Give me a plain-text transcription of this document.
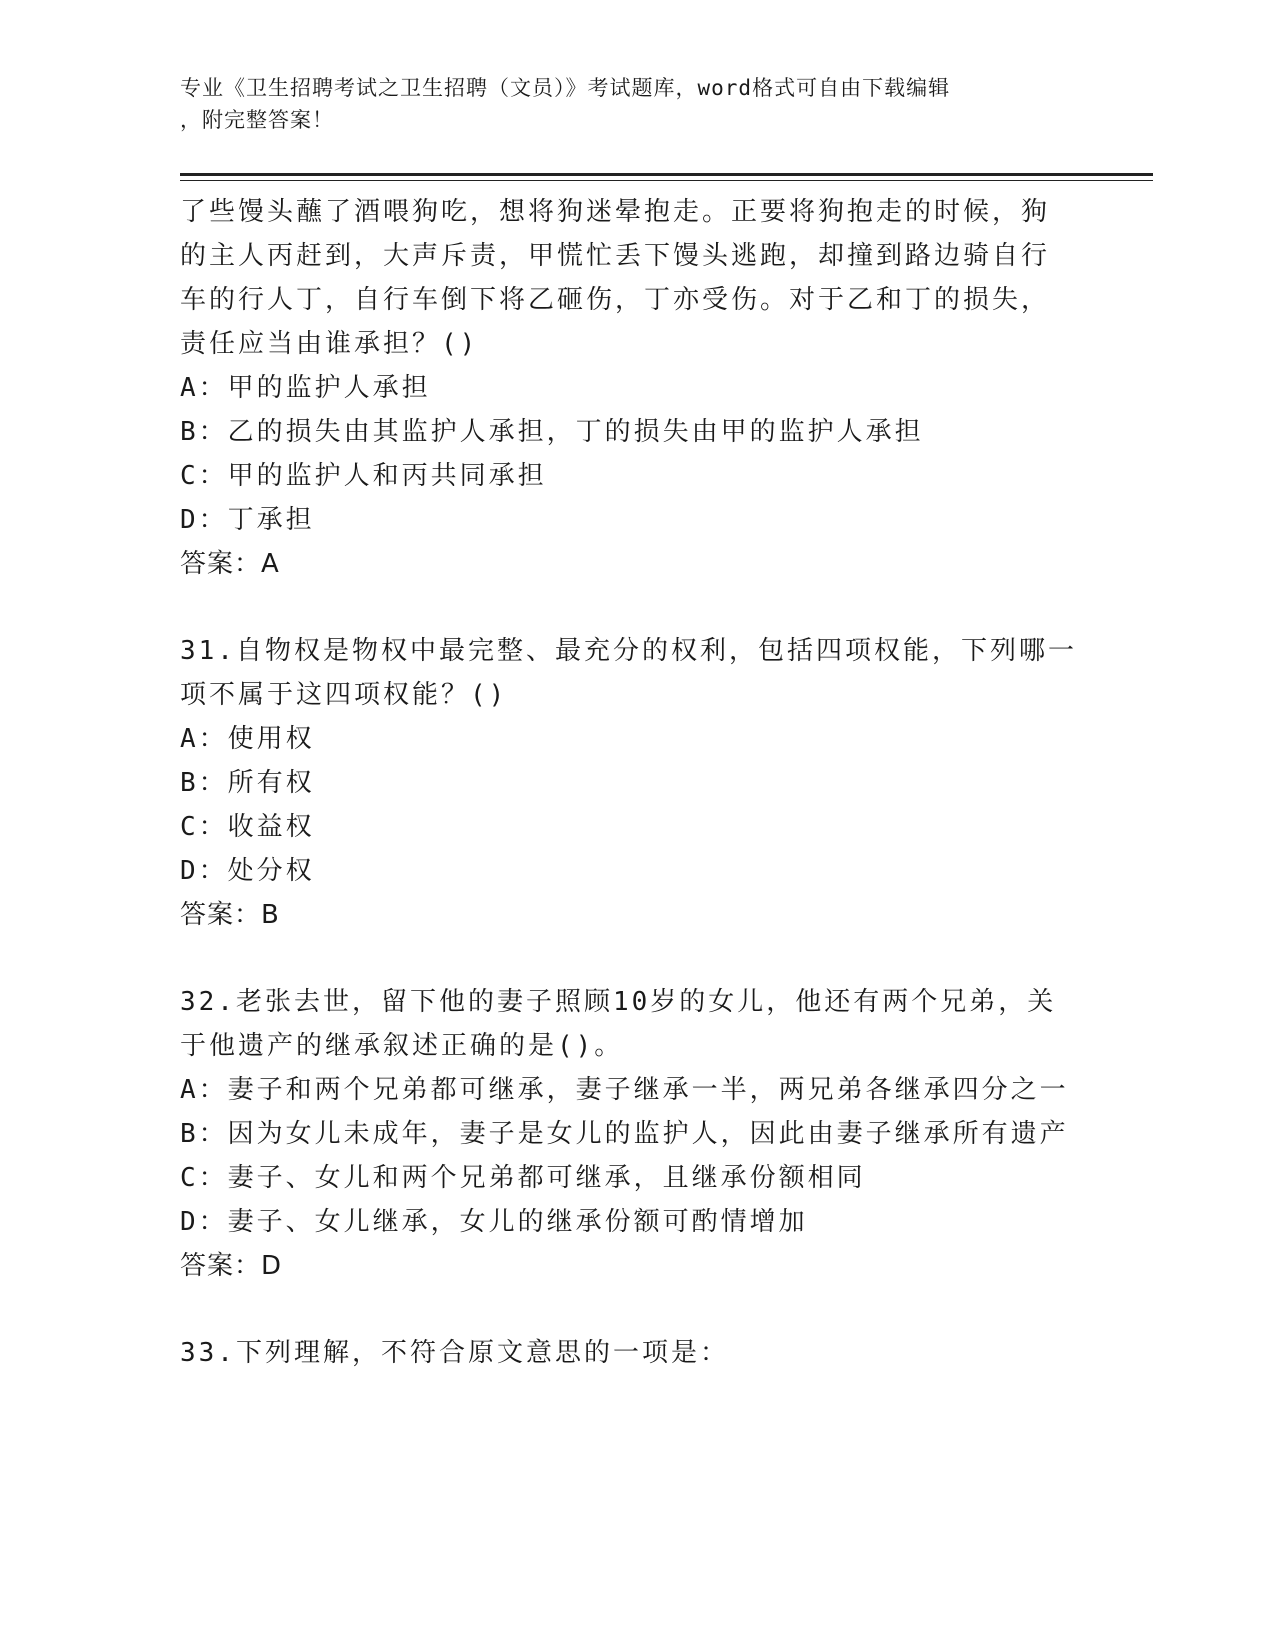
专业《卫生招聘考试之卫生招聘（文员）》考试题库，word格式可自由下载编辑
，附完整答案！
了些馒头蘸了酒喂狗吃，想将狗迷晕抱走。正要将狗抱走的时候，狗
的主人丙赶到，大声斥责，甲慌忙丢下馒头逃跑，却撞到路边骑自行
车的行人丁，自行车倒下将乙砸伤，丁亦受伤。对于乙和丁的损失，
责任应当由谁承担？()
A：甲的监护人承担
B：乙的损失由其监护人承担，丁的损失由甲的监护人承担
C：甲的监护人和丙共同承担
D：丁承担
答案：A
31.自物权是物权中最完整、最充分的权利，包括四项权能，下列哪一
项不属于这四项权能？()
A：使用权
B：所有权
C：收益权
D：处分权
答案：B
32.老张去世，留下他的妻子照顾10岁的女儿，他还有两个兄弟，关
于他遗产的继承叙述正确的是()。
A：妻子和两个兄弟都可继承，妻子继承一半，两兄弟各继承四分之一
B：因为女儿未成年，妻子是女儿的监护人，因此由妻子继承所有遗产
C：妻子、女儿和两个兄弟都可继承，且继承份额相同
D：妻子、女儿继承，女儿的继承份额可酌情增加
答案：D
33.下列理解，不符合原文意思的一项是：
